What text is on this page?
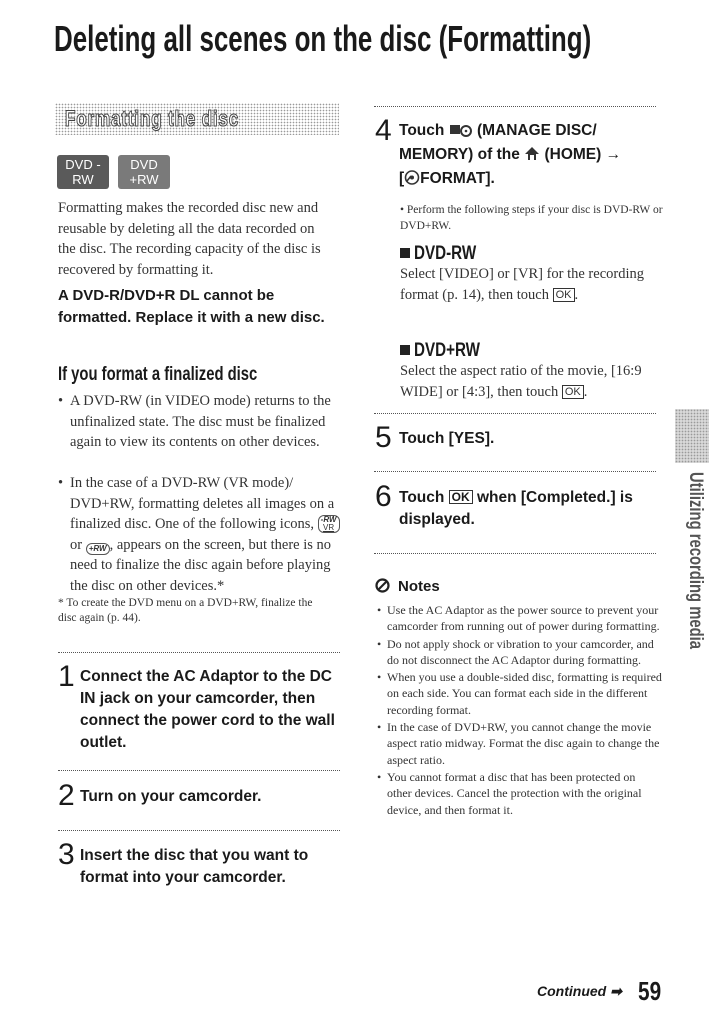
Deleting all scenes on the disc (Formatting)
Formatting the disc
DVD -RW
DVD +RW
Formatting makes the recorded disc new and reusable by deleting all the data recorded on the disc. The recording capacity of the disc is recovered by formatting it.
A DVD-R/DVD+R DL cannot be formatted. Replace it with a new disc.
If you format a finalized disc
• A DVD-RW (in VIDEO mode) returns to the unfinalized state. The disc must be finalized again to view its contents on other devices.
• In the case of a DVD-RW (VR mode)/ DVD+RW, formatting deletes all images on a finalized disc. One of the following icons, -RW
VR or +RW , appears on the screen, but there is no need to finalize the disc again before playing the disc on other devices.*
* To create the DVD menu on a DVD+RW, finalize the disc again (p. 44).
1 Connect the AC Adaptor to the DC IN jack on your camcorder, then connect the power cord to the wall outlet.
2 Turn on your camcorder.
3 Insert the disc that you want to format into your camcorder.
4 Touch (MANAGE DISC/ MEMORY) of the (HOME) →
[ FORMAT].
• Perform the following steps if your disc is DVD-RW or DVD+RW.
DVD-RW
Select [VIDEO] or [VR] for the recording format (p. 14), then touch OK .
DVD+RW
Select the aspect ratio of the movie, [16:9 WIDE] or [4:3], then touch OK .
5 Touch [YES].
6 Touch OK when [Completed.] is displayed.
Notes
• Use the AC Adaptor as the power source to prevent your camcorder from running out of power during formatting.
• Do not apply shock or vibration to your camcorder, and do not disconnect the AC Adaptor during formatting.
• When you use a double-sided disc, formatting is required on each side. You can format each side in the different recording format.
• In the case of DVD+RW, you cannot change the movie aspect ratio midway. Format the disc again to change the aspect ratio.
• You cannot format a disc that has been protected on other devices. Cancel the protection with the original device, and then format it.
Utilizing recording media
Continued ➡ 59
